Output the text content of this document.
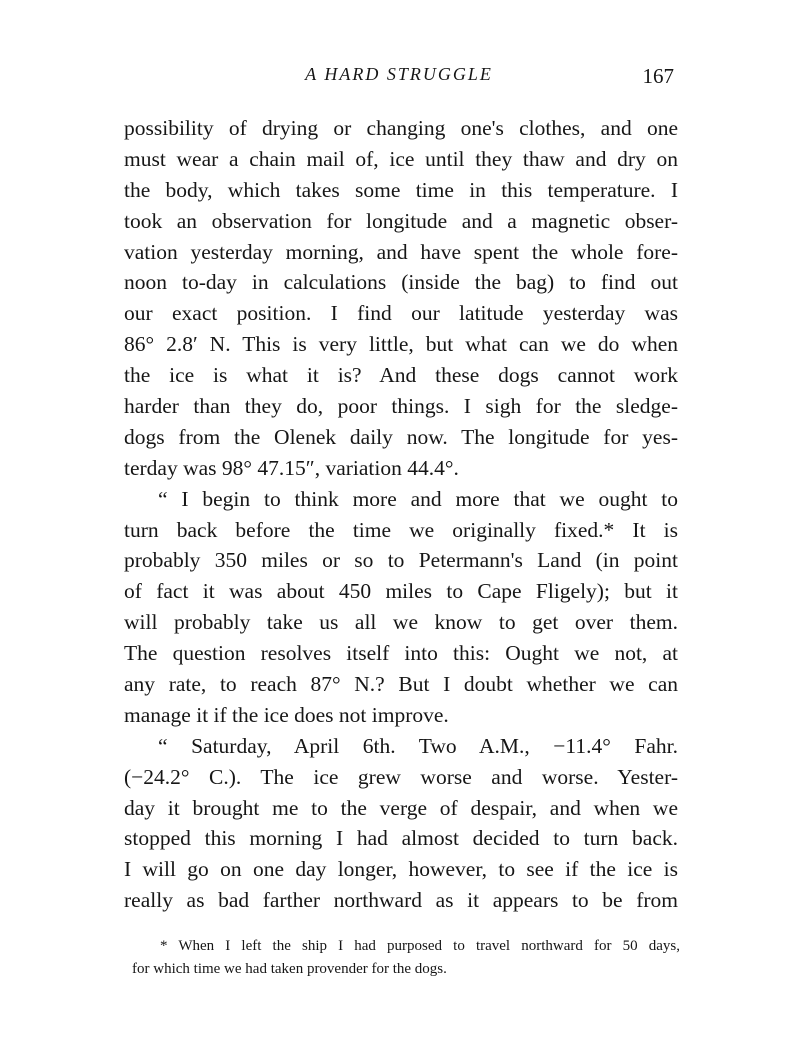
A HARD STRUGGLE	167
possibility of drying or changing one's clothes, and one
must wear a chain mail of, ice until they thaw and dry on
the body, which takes some time in this temperature. I
took an observation for longitude and a magnetic obser-
vation yesterday morning, and have spent the whole fore-
noon to-day in calculations (inside the bag) to find out
our exact position. I find our latitude yesterday was
86° 2.8′ N. This is very little, but what can we do when
the ice is what it is? And these dogs cannot work
harder than they do, poor things. I sigh for the sledge-
dogs from the Olenek daily now. The longitude for yes-
terday was 98° 47.15″, variation 44.4°.
“ I begin to think more and more that we ought to
turn back before the time we originally fixed.* It is
probably 350 miles or so to Petermann's Land (in point
of fact it was about 450 miles to Cape Fligely); but it
will probably take us all we know to get over them.
The question resolves itself into this: Ought we not, at
any rate, to reach 87° N.? But I doubt whether we can
manage it if the ice does not improve.
“ Saturday, April 6th. Two A.M., −11.4° Fahr.
(−24.2° C.). The ice grew worse and worse. Yester-
day it brought me to the verge of despair, and when we
stopped this morning I had almost decided to turn back.
I will go on one day longer, however, to see if the ice is
really as bad farther northward as it appears to be from
* When I left the ship I had purposed to travel northward for 50 days,
for which time we had taken provender for the dogs.
